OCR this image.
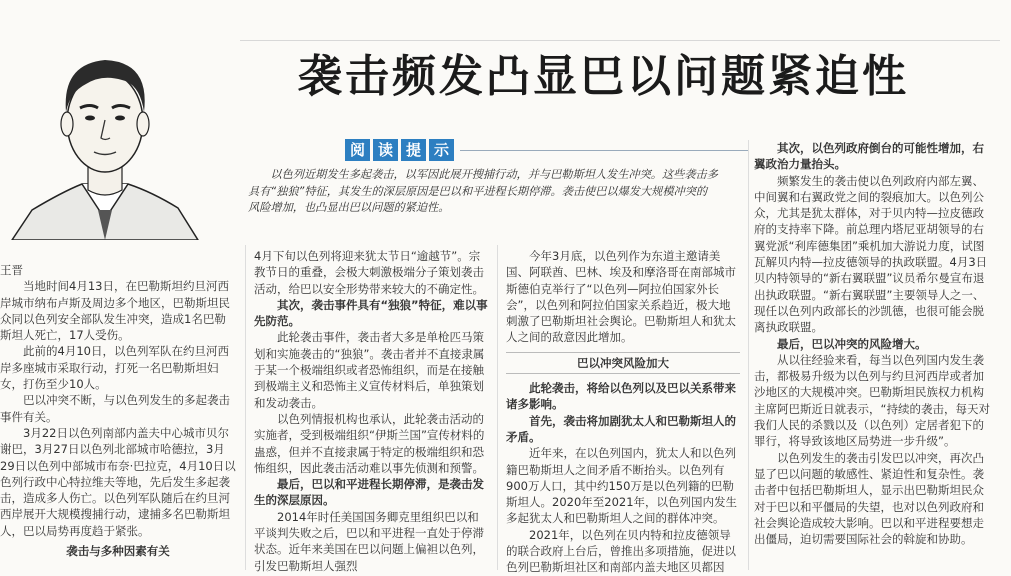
袭击频发凸显巴以问题紧迫性
阅 读 提 示
以色列近期发生多起袭击，以军因此展开搜捕行动，并与巴勒斯坦人发生冲突。这些袭击多具有“独狼”特征，其发生的深层原因是巴以和平进程长期停滞。袭击使巴以爆发大规模冲突的风险增加，也凸显出巴以问题的紧迫性。

王晋

当地时间4月13日，在巴勒斯坦约旦河西岸城市纳布卢斯及周边多个地区，巴勒斯坦民众同以色列安全部队发生冲突，造成1名巴勒斯坦人死亡，17人受伤。

此前的4月10日，以色列军队在约旦河西岸多座城市采取行动，打死一名巴勒斯坦妇女，打伤至少10人。

巴以冲突不断，与以色列发生的多起袭击事件有关。

3月22日以色列南部内盖夫中心城市贝尔谢巴，3月27日以色列北部城市哈德拉，3月29日以色列中部城市布奈·巴拉克，4月10日以色列行政中心特拉维夫等地，先后发生多起袭击，造成多人伤亡。以色列军队随后在约旦河西岸展开大规模搜捕行动，逮捕多名巴勒斯坦人，巴以局势再度趋于紧张。

袭击与多种因素有关

4月下旬以色列将迎来犹太节日“逾越节”。宗教节日的重叠，会极大刺激极端分子策划袭击活动，给巴以安全形势带来较大的不确定性。

其次，袭击事件具有“独狼”特征，难以事先防范。

此轮袭击事件，袭击者大多是单枪匹马策划和实施袭击的“独狼”。袭击者并不直接隶属于某一个极端组织或者恐怖组织，而是在接触到极端主义和恐怖主义宣传材料后，单独策划和发动袭击。

以色列情报机构也承认，此轮袭击活动的实施者，受到极端组织“伊斯兰国”宣传材料的蛊惑，但并不直接隶属于特定的极端组织和恐怖组织，因此袭击活动难以事先侦测和预警。

最后，巴以和平进程长期停滞，是袭击发生的深层原因。

2014年时任美国国务卿克里组织巴以和平谈判失败之后，巴以和平进程一直处于停滞状态。近年来美国在巴以问题上偏袒以色列，引发巴勒斯坦人强烈

今年3月底，以色列作为东道主邀请美国、阿联酋、巴林、埃及和摩洛哥在南部城市斯德伯克举行了“以色列—阿拉伯国家外长会”，以色列和阿拉伯国家关系趋近，极大地刺激了巴勒斯坦社会舆论。巴勒斯坦人和犹太人之间的敌意因此增加。

巴以冲突风险加大

此轮袭击，将给以色列以及巴以关系带来诸多影响。

首先，袭击将加剧犹太人和巴勒斯坦人的矛盾。

近年来，在以色列国内，犹太人和以色列籍巴勒斯坦人之间矛盾不断抬头。以色列有900万人口，其中约150万是以色列籍的巴勒斯坦人。2020年至2021年，以色列国内发生多起犹太人和巴勒斯坦人之间的群体冲突。

2021年，以色列在贝内特和拉皮德领导的联合政府上台后，曾推出多项措施，促进以色列巴勒斯坦社区和南部内盖夫地区贝都因

其次，以色列政府倒台的可能性增加，右翼政治力量抬头。

频繁发生的袭击使以色列政府内部左翼、中间翼和右翼政党之间的裂痕加大。以色列公众，尤其是犹太群体，对于贝内特—拉皮德政府的支持率下降。前总理内塔尼亚胡领导的右翼党派“利库德集团”乘机加大游说力度，试图瓦解贝内特—拉皮德领导的执政联盟。4月3日贝内特领导的“新右翼联盟”议员希尔曼宣布退出执政联盟。“新右翼联盟”主要领导人之一、现任以色列内政部长的沙凯德，也很可能会脱离执政联盟。

最后，巴以冲突的风险增大。

从以往经验来看，每当以色列国内发生袭击，都极易升级为以色列与约旦河西岸或者加沙地区的大规模冲突。巴勒斯坦民族权力机构主席阿巴斯近日就表示，“持续的袭击，每天对我们人民的杀戮以及（以色列）定居者犯下的罪行，将导致该地区局势进一步升级”。

以色列发生的袭击引发巴以冲突，再次凸显了巴以问题的敏感性、紧迫性和复杂性。袭击者中包括巴勒斯坦人，显示出巴勒斯坦民众对于巴以和平僵局的失望，也对以色列政府和社会舆论造成较大影响。巴以和平进程要想走出僵局，迫切需要国际社会的斡旋和协助。
